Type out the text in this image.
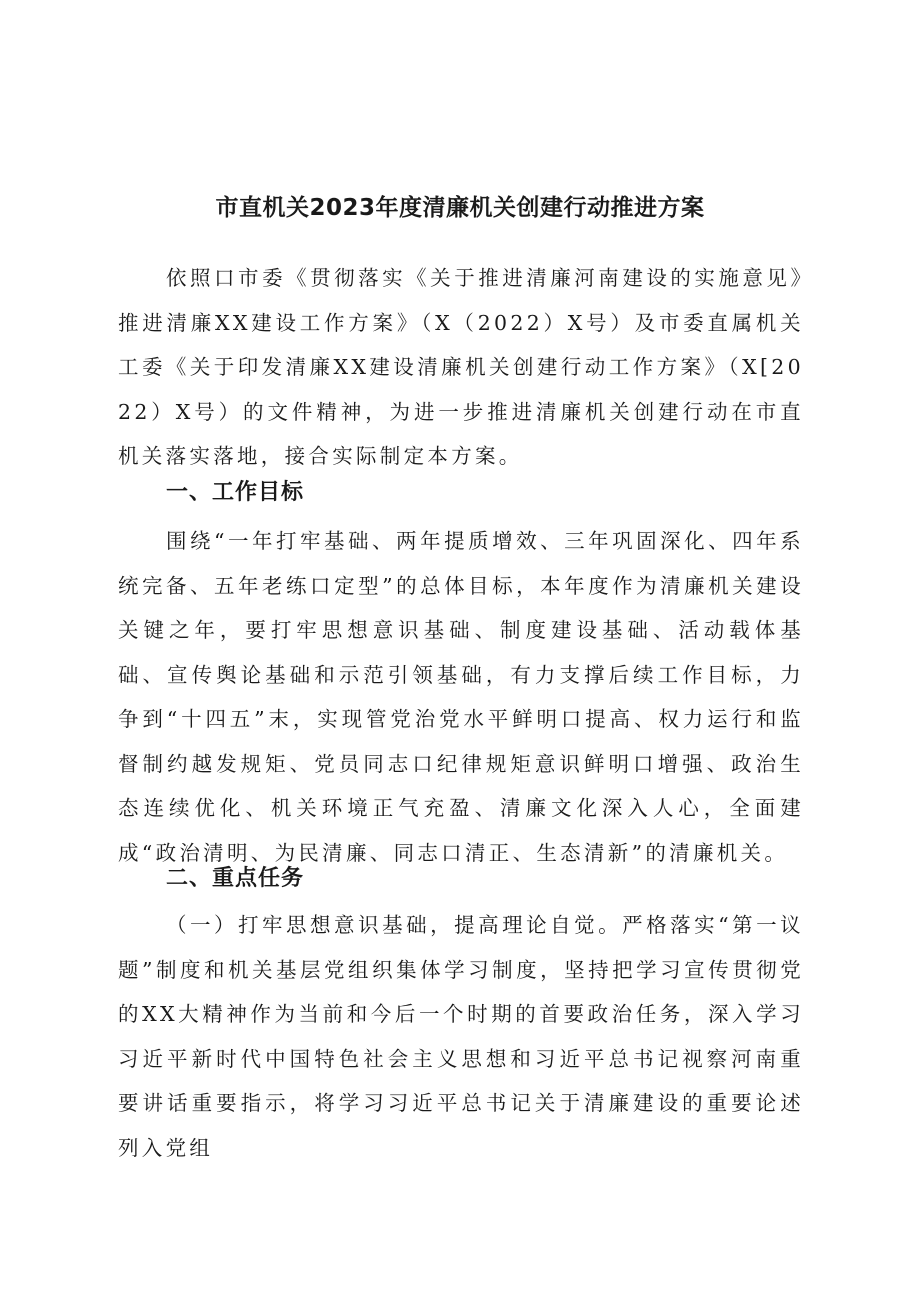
市直机关2023年度清廉机关创建行动推进方案

依照口市委《贯彻落实《关于推进清廉河南建设的实施意见》推进清廉XX建设工作方案》（X（2022）X号）及市委直属机关工委《关于印发清廉XX建设清廉机关创建行动工作方案》（X[2022）X号）的文件精神，为进一步推进清廉机关创建行动在市直机关落实落地，接合实际制定本方案。

一、工作目标

围绕“一年打牢基础、两年提质增效、三年巩固深化、四年系统完备、五年老练口定型”的总体目标，本年度作为清廉机关建设关键之年，要打牢思想意识基础、制度建设基础、活动载体基础、宣传舆论基础和示范引领基础，有力支撑后续工作目标，力争到“十四五”末，实现管党治党水平鲜明口提高、权力运行和监督制约越发规矩、党员同志口纪律规矩意识鲜明口增强、政治生态连续优化、机关环境正气充盈、清廉文化深入人心，全面建成“政治清明、为民清廉、同志口清正、生态清新”的清廉机关。

二、重点任务

（一）打牢思想意识基础，提高理论自觉。严格落实“第一议题”制度和机关基层党组织集体学习制度，坚持把学习宣传贯彻党的XX大精神作为当前和今后一个时期的首要政治任务，深入学习习近平新时代中国特色社会主义思想和习近平总书记视察河南重要讲话重要指示，将学习习近平总书记关于清廉建设的重要论述列入党组
